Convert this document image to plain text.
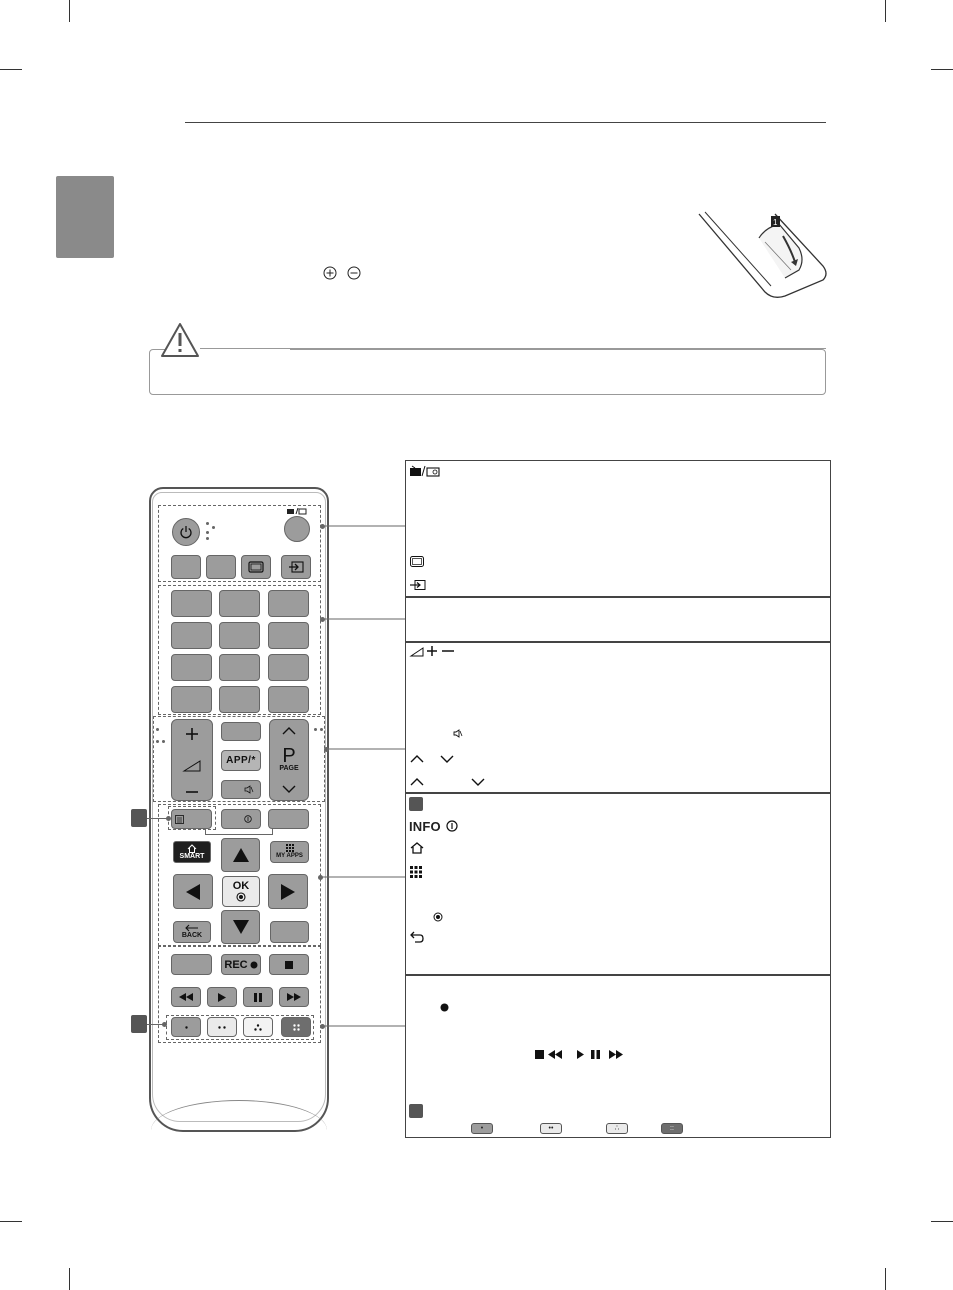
1
APP/* P
PAGE
SMART	MY APPS
OK
BACK
REC
INFO
•	••	∴	::
